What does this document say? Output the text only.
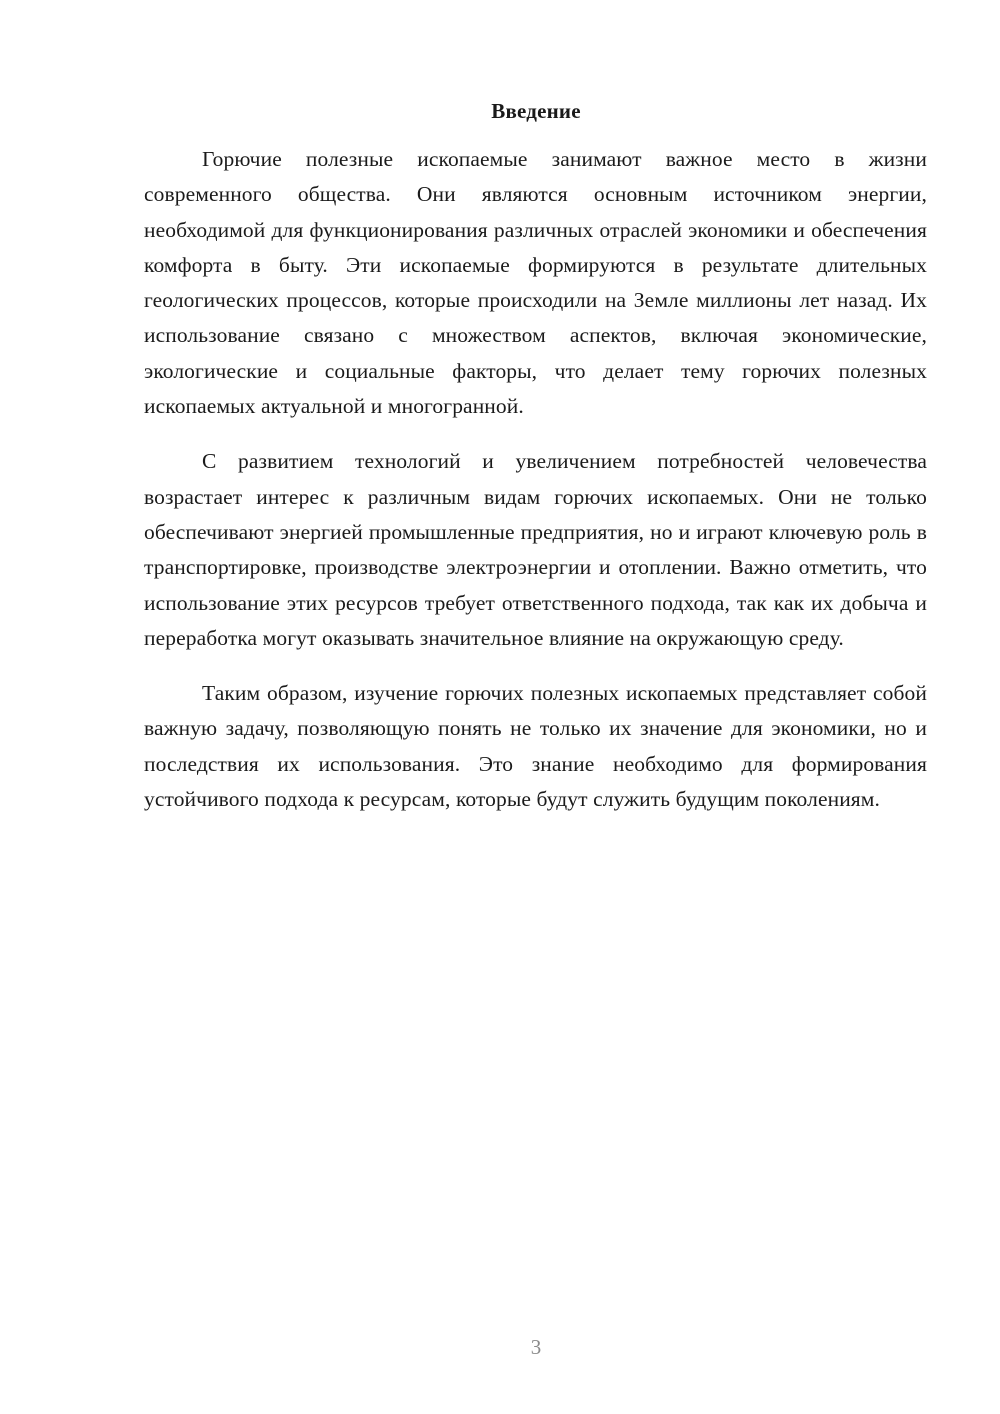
Введение

Горючие полезные ископаемые занимают важное место в жизни современного общества. Они являются основным источником энергии, необходимой для функционирования различных отраслей экономики и обеспечения комфорта в быту. Эти ископаемые формируются в результате длительных геологических процессов, которые происходили на Земле миллионы лет назад. Их использование связано с множеством аспектов, включая экономические, экологические и социальные факторы, что делает тему горючих полезных ископаемых актуальной и многогранной.

С развитием технологий и увеличением потребностей человечества возрастает интерес к различным видам горючих ископаемых. Они не только обеспечивают энергией промышленные предприятия, но и играют ключевую роль в транспортировке, производстве электроэнергии и отоплении. Важно отметить, что использование этих ресурсов требует ответственного подхода, так как их добыча и переработка могут оказывать значительное влияние на окружающую среду.

Таким образом, изучение горючих полезных ископаемых представляет собой важную задачу, позволяющую понять не только их значение для экономики, но и последствия их использования. Это знание необходимо для формирования устойчивого подхода к ресурсам, которые будут служить будущим поколениям.

3
